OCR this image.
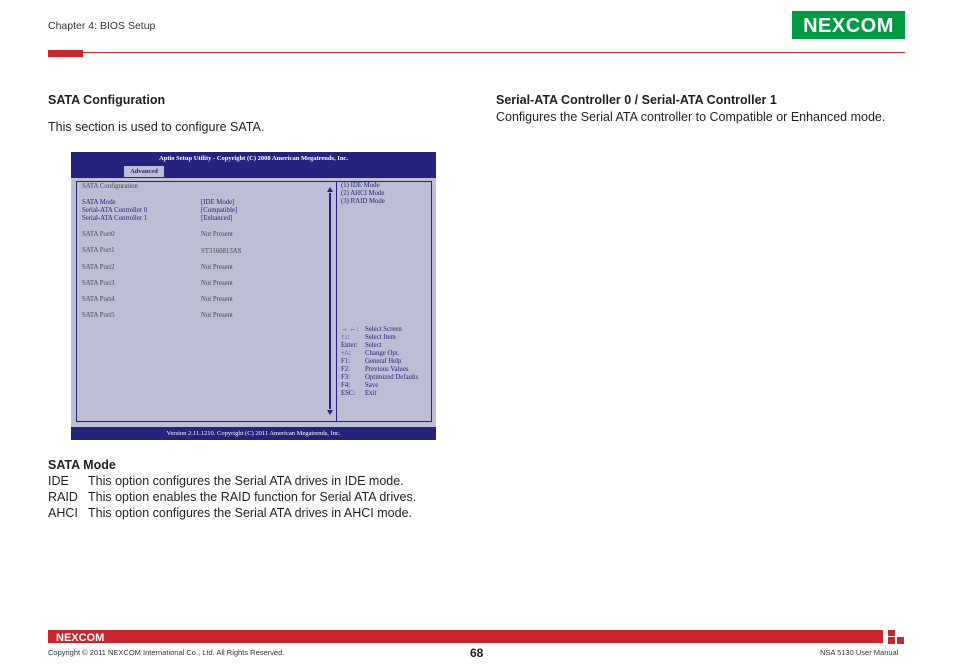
Chapter 4: BIOS Setup	NEXCOM
SATA Configuration
This section is used to configure SATA.
Aptio Setup Utility - Copyright (C) 2008 American Megatrends, Inc.
Advanced
SATA Configuration
SATA Mode	[IDE Mode]
Serial-ATA Controller 0	[Compatible]
Serial-ATA Controller 1	[Enhanced]
SATA Port0	Not Present
SATA Port1	ST3160813AS
SATA Port2	Not Present
SATA Port3	Not Present
SATA Port4	Not Present
SATA Port5	Not Present
(1) IDE Mode
(2) AHCI Mode
(3) RAID Mode
→ ←: Select Screen
↑↓: Select Item
Enter: Select
+/-: Change Opt.
F1: General Help
F2: Previous Values
F3: Optimized Defaults
F4: Save
ESC: Exit
Version 2.11.1210. Copyright (C) 2011 American Megatrends, Inc.
SATA Mode
IDE This option configures the Serial ATA drives in IDE mode.
RAID This option enables the RAID function for Serial ATA drives.
AHCI This option configures the Serial ATA drives in AHCI mode.
Serial-ATA Controller 0 / Serial-ATA Controller 1
Configures the Serial ATA controller to Compatible or Enhanced mode.
NEXCOM
Copyright © 2011 NEXCOM International Co., Ltd. All Rights Reserved.	68	NSA 5130 User Manual
